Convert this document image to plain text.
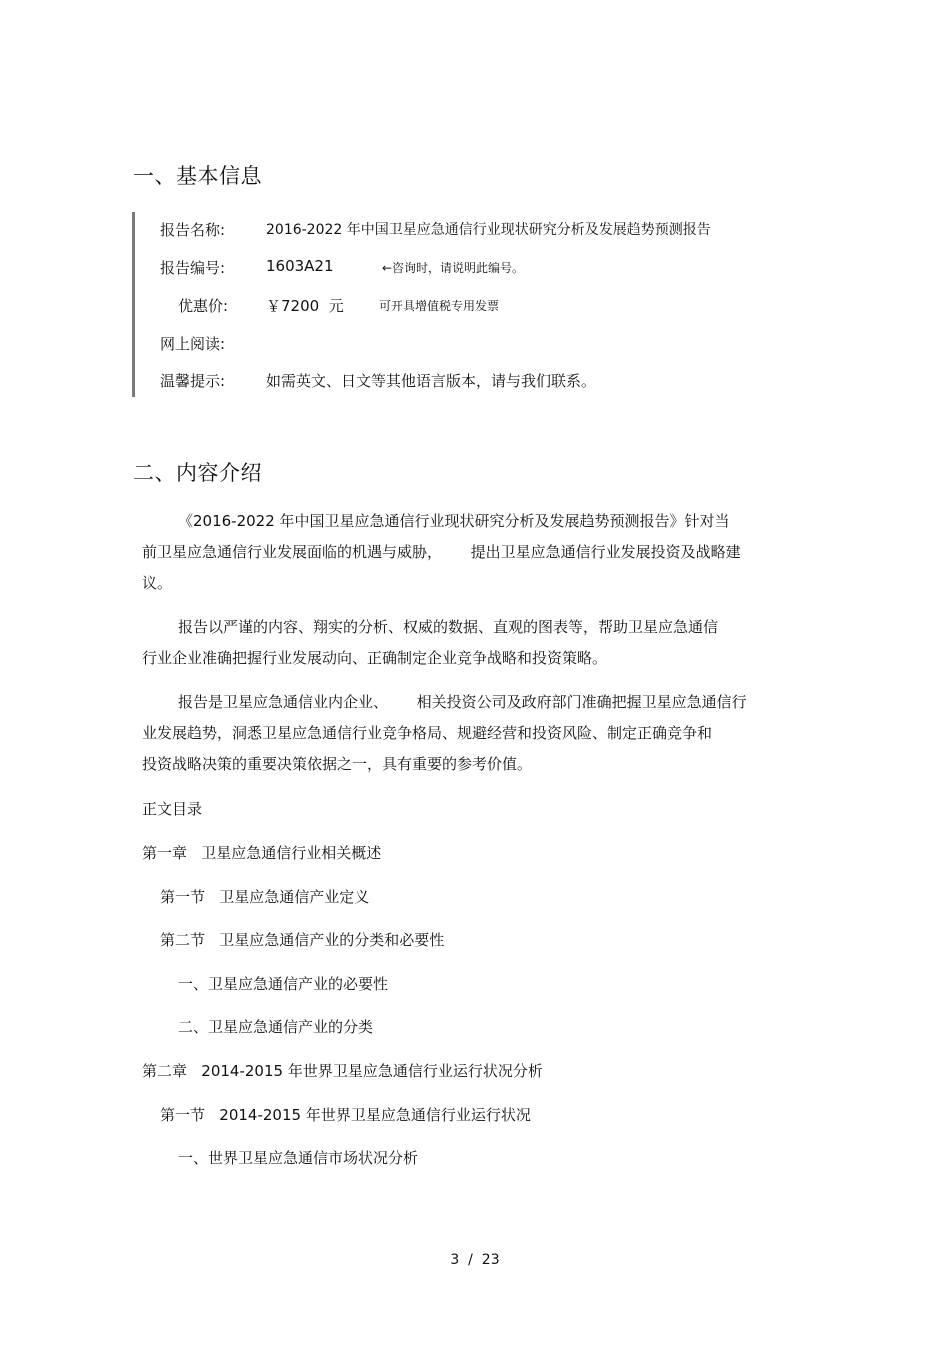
一、基本信息
报告名称:	2016-2022 年中国卫星应急通信行业现状研究分析及发展趋势预测报告
报告编号:	1603A21	←咨询时，请说明此编号。
优惠价:	￥7200  元	可开具增值税专用发票
网上阅读:
温馨提示:	如需英文、日文等其他语言版本，请与我们联系。
二、内容介绍
《2016-2022 年中国卫星应急通信行业现状研究分析及发展趋势预测报告》针对当
前卫星应急通信行业发展面临的机遇与威胁，      提出卫星应急通信行业发展投资及战略建
议。
报告以严谨的内容、翔实的分析、权威的数据、直观的图表等，帮助卫星应急通信
行业企业准确把握行业发展动向、正确制定企业竞争战略和投资策略。
报告是卫星应急通信业内企业、      相关投资公司及政府部门准确把握卫星应急通信行
业发展趋势，洞悉卫星应急通信行业竞争格局、规避经营和投资风险、制定正确竞争和
投资战略决策的重要决策依据之一，具有重要的参考价值。
正文目录
第一章   卫星应急通信行业相关概述
第一节   卫星应急通信产业定义
第二节   卫星应急通信产业的分类和必要性
一、卫星应急通信产业的必要性
二、卫星应急通信产业的分类
第二章   2014-2015 年世界卫星应急通信行业运行状况分析
第一节   2014-2015 年世界卫星应急通信行业运行状况
一、世界卫星应急通信市场状况分析
3  /  23
